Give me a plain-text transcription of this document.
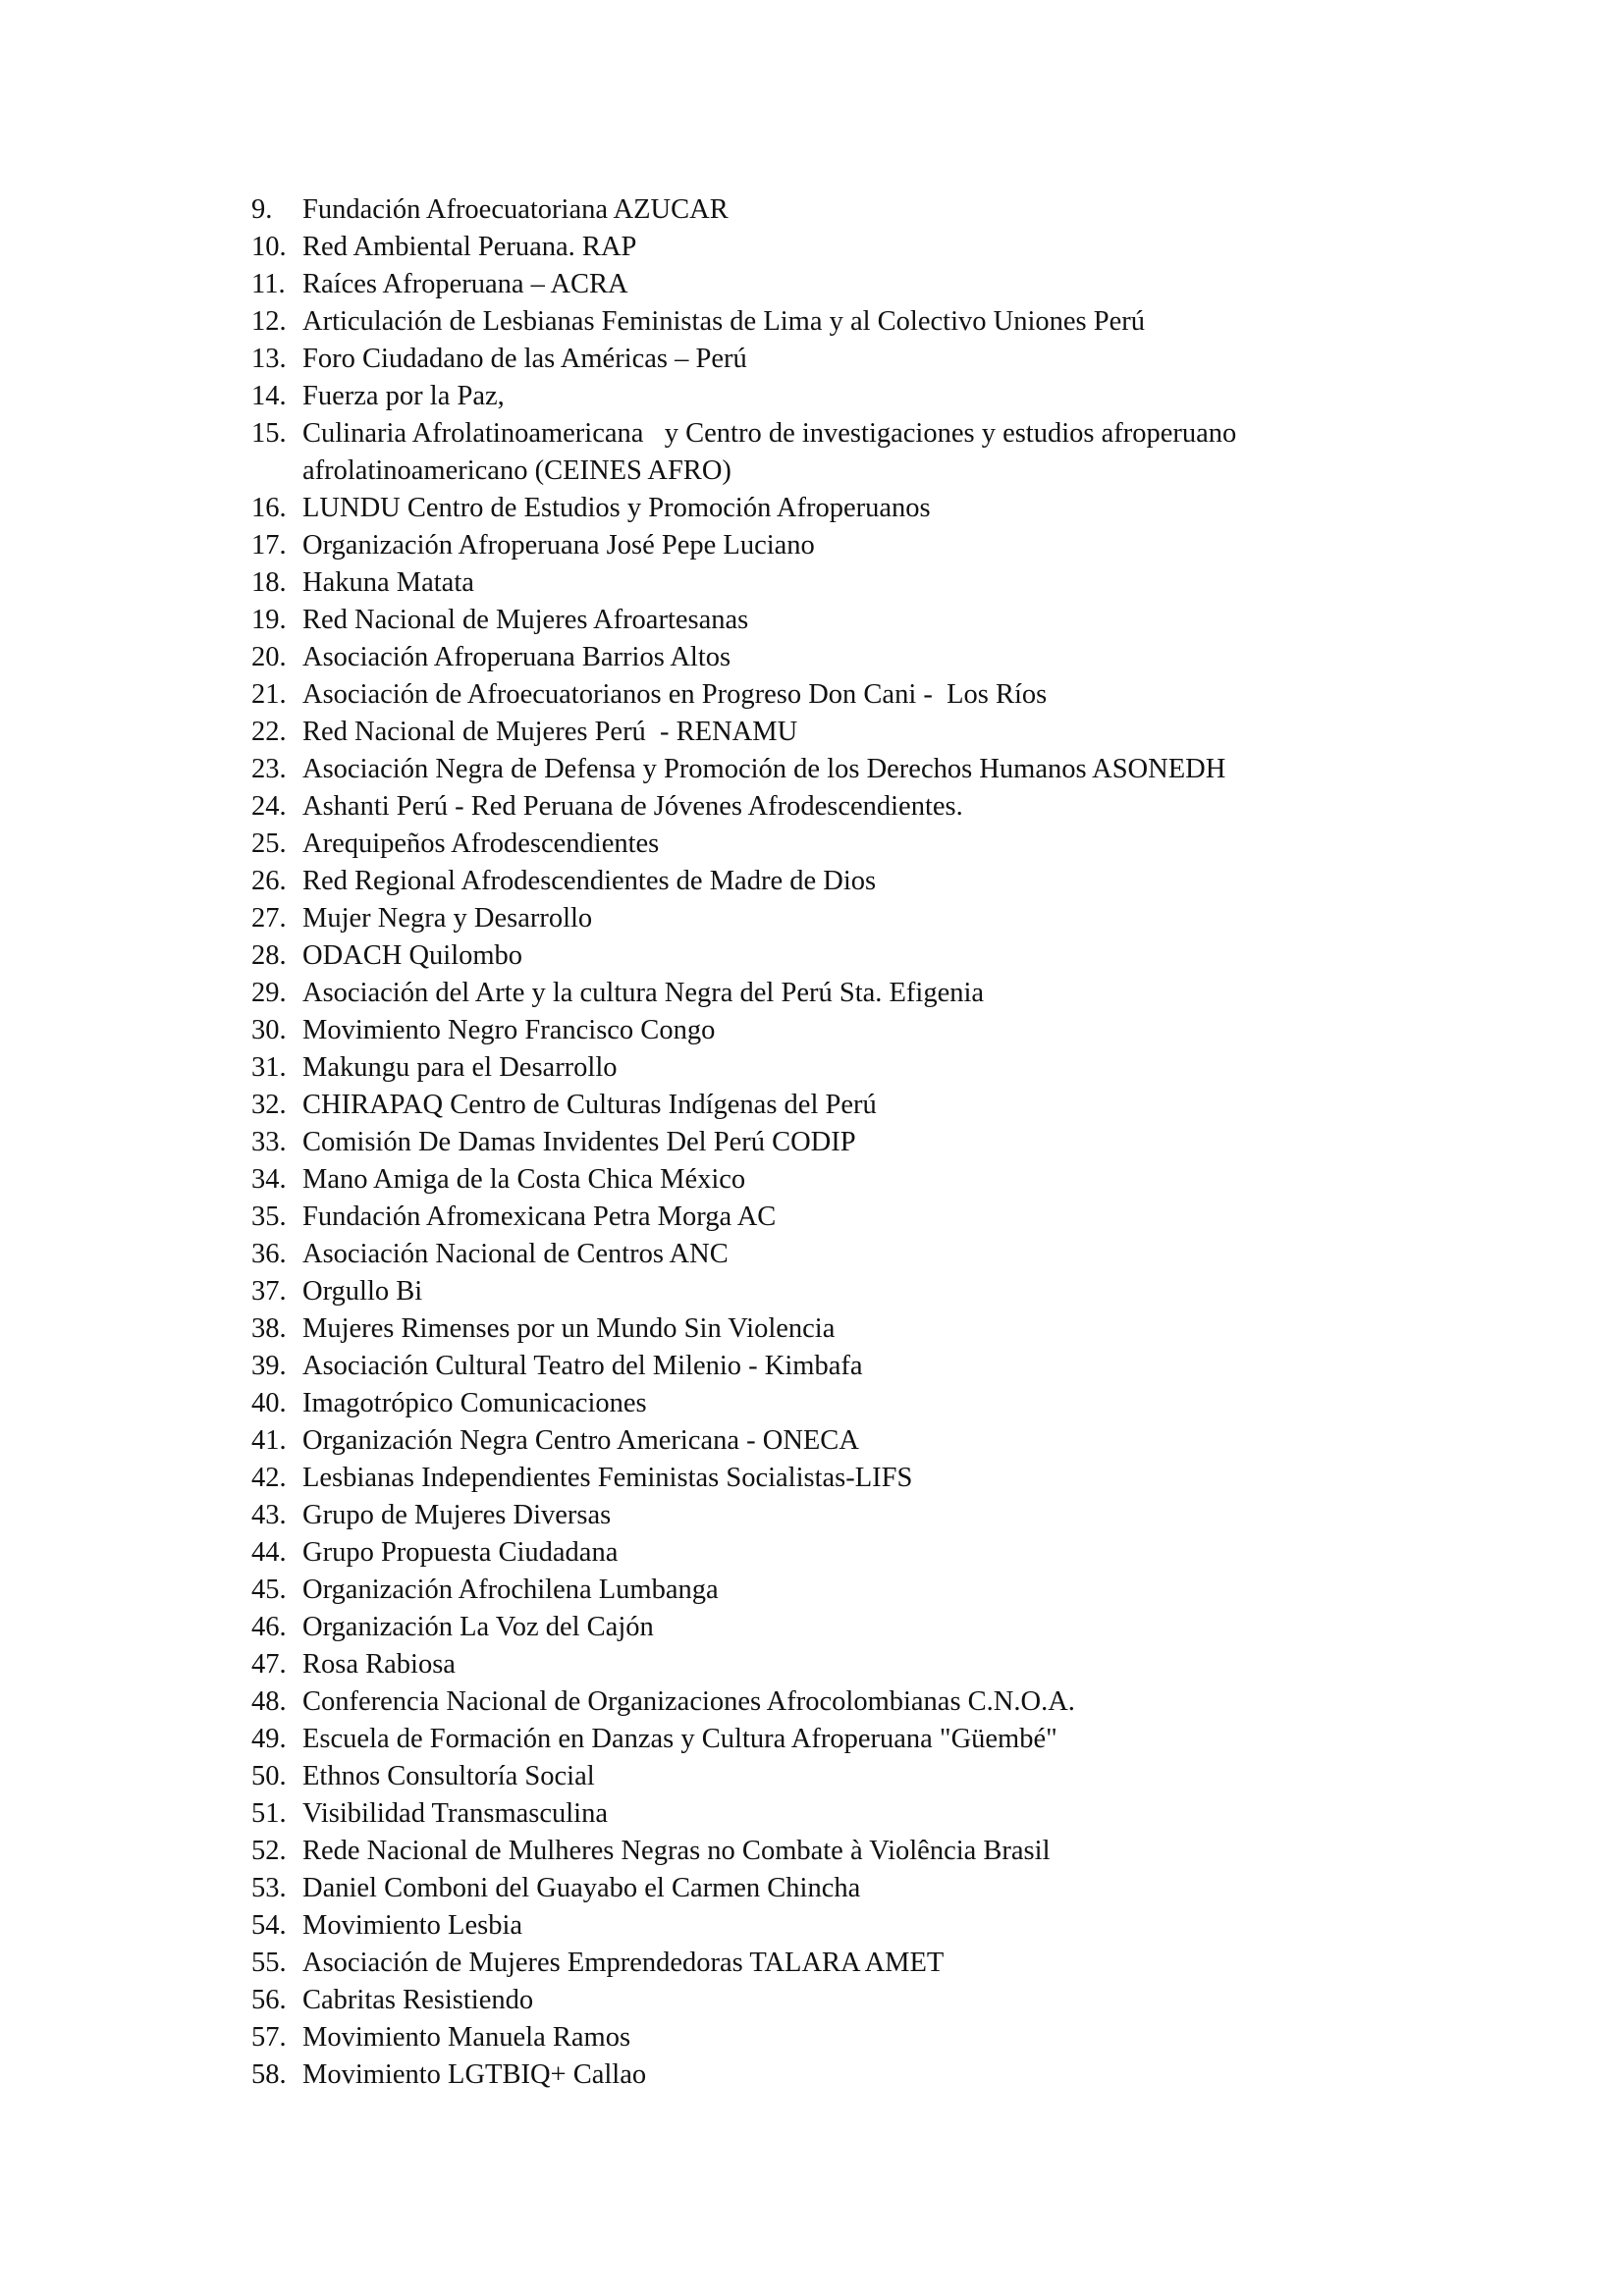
9.	Fundación Afroecuatoriana AZUCAR
10. Red Ambiental Peruana. RAP
11. Raíces Afroperuana – ACRA
12. Articulación de Lesbianas Feministas de Lima y al Colectivo Uniones Perú
13. Foro Ciudadano de las Américas – Perú
14. Fuerza por la Paz,
15. Culinaria Afrolatinoamericana   y Centro de investigaciones y estudios afroperuano
afrolatinoamericano (CEINES AFRO)
16. LUNDU Centro de Estudios y Promoción Afroperuanos
17. Organización Afroperuana José Pepe Luciano
18. Hakuna Matata
19. Red Nacional de Mujeres Afroartesanas
20. Asociación Afroperuana Barrios Altos
21. Asociación de Afroecuatorianos en Progreso Don Cani -  Los Ríos
22. Red Nacional de Mujeres Perú  - RENAMU
23. Asociación Negra de Defensa y Promoción de los Derechos Humanos ASONEDH
24. Ashanti Perú - Red Peruana de Jóvenes Afrodescendientes.
25. Arequipeños Afrodescendientes
26. Red Regional Afrodescendientes de Madre de Dios
27. Mujer Negra y Desarrollo
28. ODACH Quilombo
29. Asociación del Arte y la cultura Negra del Perú Sta. Efigenia
30. Movimiento Negro Francisco Congo
31. Makungu para el Desarrollo
32. CHIRAPAQ Centro de Culturas Indígenas del Perú
33. Comisión De Damas Invidentes Del Perú CODIP
34. Mano Amiga de la Costa Chica México
35. Fundación Afromexicana Petra Morga AC
36. Asociación Nacional de Centros ANC
37. Orgullo Bi
38. Mujeres Rimenses por un Mundo Sin Violencia
39. Asociación Cultural Teatro del Milenio - Kimbafa
40. Imagotrópico Comunicaciones
41. Organización Negra Centro Americana - ONECA
42. Lesbianas Independientes Feministas Socialistas-LIFS
43. Grupo de Mujeres Diversas
44. Grupo Propuesta Ciudadana
45. Organización Afrochilena Lumbanga
46. Organización La Voz del Cajón
47. Rosa Rabiosa
48. Conferencia Nacional de Organizaciones Afrocolombianas C.N.O.A.
49. Escuela de Formación en Danzas y Cultura Afroperuana "Güembé"
50. Ethnos Consultoría Social
51. Visibilidad Transmasculina
52. Rede Nacional de Mulheres Negras no Combate à Violência Brasil
53. Daniel Comboni del Guayabo el Carmen Chincha
54. Movimiento Lesbia
55. Asociación de Mujeres Emprendedoras TALARA AMET
56. Cabritas Resistiendo
57. Movimiento Manuela Ramos
58. Movimiento LGTBIQ+ Callao
